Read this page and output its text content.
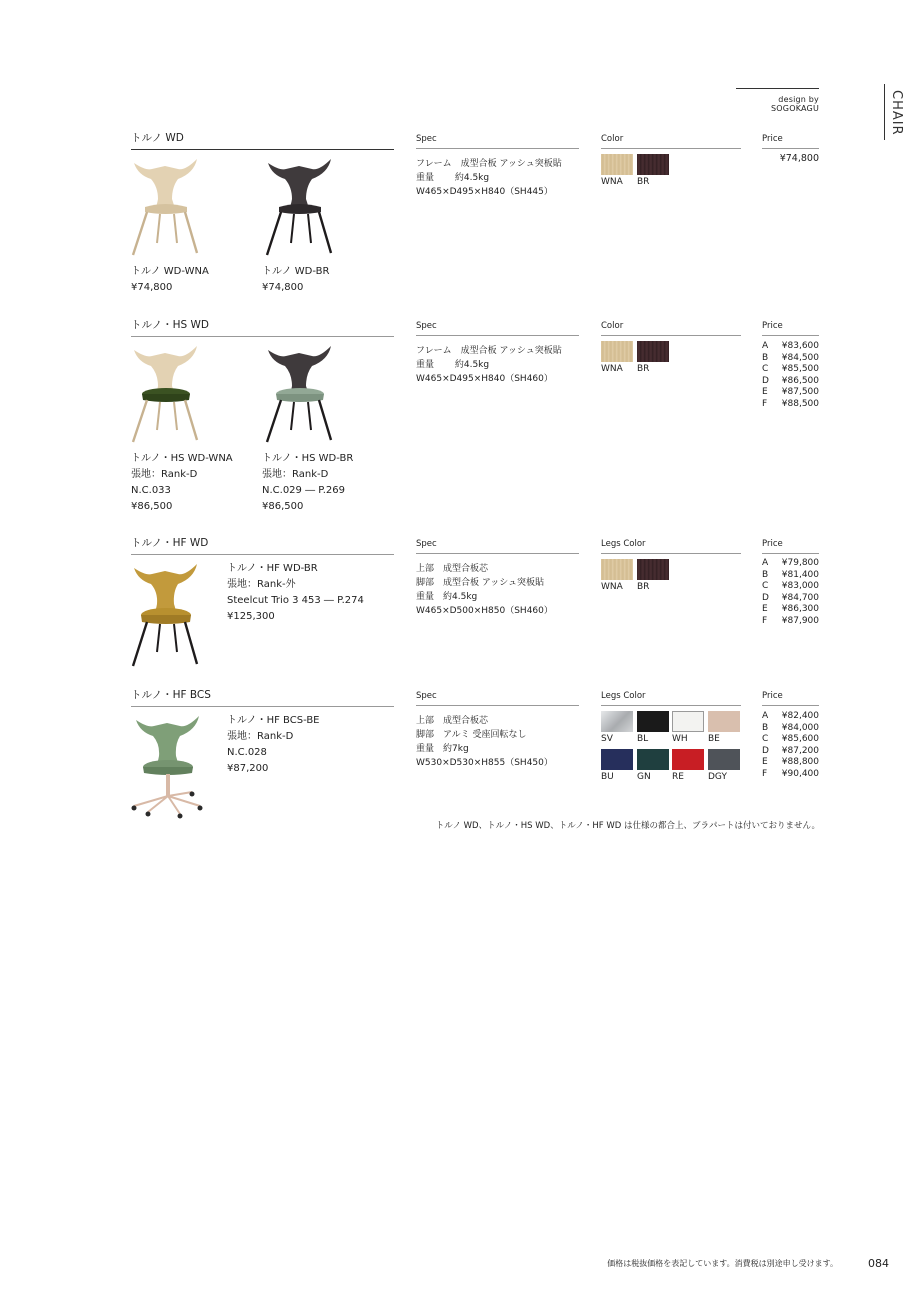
design by SOGOKAGU	CHAIR
トルノ WD
トルノ WD-WNA
¥74,800
トルノ WD-BR
¥74,800
Spec
フレーム　成型合板 アッシュ突板貼
重量　　 約4.5kg
W465×D495×H840（SH445）
Color
WNA BR
Price
¥74,800
トルノ・HS WD
トルノ・HS WD-WNA
張地：Rank-D
N.C.033
¥86,500
トルノ・HS WD-BR
張地：Rank-D
N.C.029 ― P.269
¥86,500
Spec
フレーム　成型合板 アッシュ突板貼
重量　　 約4.5kg
W465×D495×H840（SH460）
Color
WNA BR
Price
A	¥83,600
B	¥84,500
C	¥85,500
D	¥86,500
E	¥87,500
F	¥88,500
トルノ・HF WD
トルノ・HF WD-BR
張地：Rank-外
Steelcut Trio 3 453 ― P.274
¥125,300
Spec
上部　成型合板芯
脚部　成型合板 アッシュ突板貼
重量　約4.5kg
W465×D500×H850（SH460）
Legs Color
WNA BR
Price
A	¥79,800
B	¥81,400
C	¥83,000
D	¥84,700
E	¥86,300
F	¥87,900
トルノ・HF BCS
トルノ・HF BCS-BE
張地：Rank-D
N.C.028
¥87,200
Spec
上部　成型合板芯
脚部　アルミ 受座回転なし
重量　約7kg
W530×D530×H855（SH450）
Legs Color
SV	BL	WH BE
BU	GN RE	DGY
Price
A	¥82,400
B	¥84,000
C	¥85,600
D	¥87,200
E	¥88,800
F	¥90,400
トルノ WD、トルノ・HS WD、トルノ・HF WD は仕様の都合上、ブラパートは付いておりません。
価格は税抜価格を表記しています。消費税は別途申し受けます。	084
